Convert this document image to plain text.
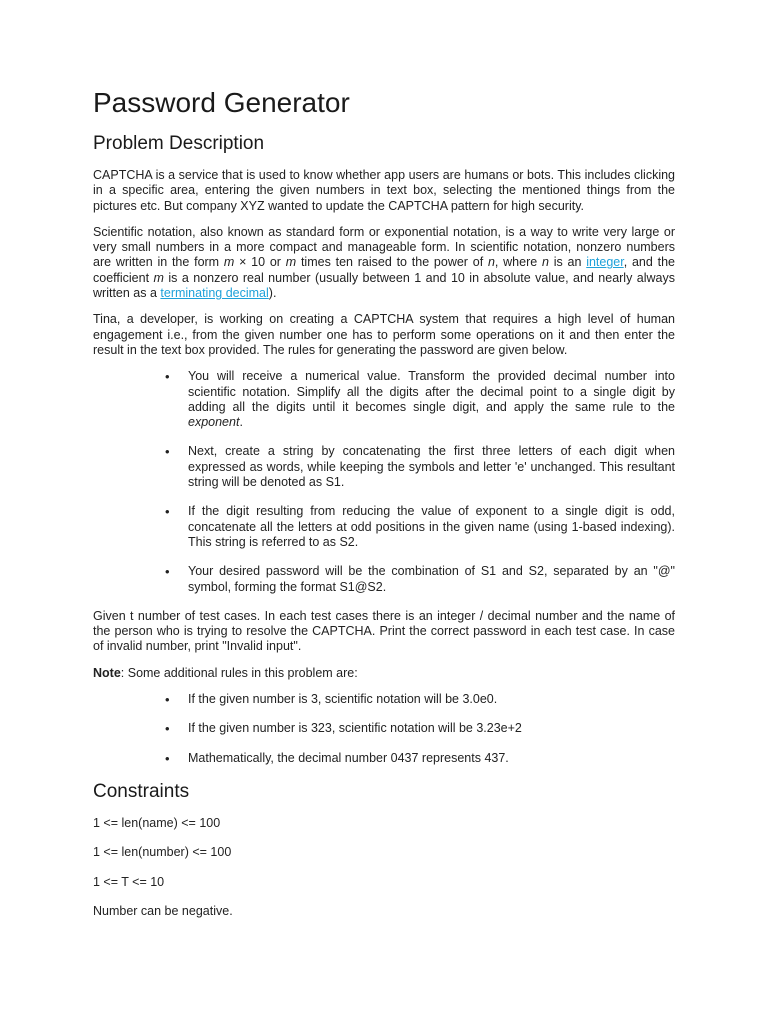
Password Generator
Problem Description

CAPTCHA is a service that is used to know whether app users are humans or bots. This includes clicking in a specific area, entering the given numbers in text box, selecting the mentioned things from the pictures etc. But company XYZ wanted to update the CAPTCHA pattern for high security.

Scientific notation, also known as standard form or exponential notation, is a way to write very large or very small numbers in a more compact and manageable form. In scientific notation, nonzero numbers are written in the form m × 10 or m times ten raised to the power of n, where n is an integer, and the coefficient m is a nonzero real number (usually between 1 and 10 in absolute value, and nearly always written as a terminating decimal).

Tina, a developer, is working on creating a CAPTCHA system that requires a high level of human engagement i.e., from the given number one has to perform some operations on it and then enter the result in the text box provided. The rules for generating the password are given below.

• You will receive a numerical value. Transform the provided decimal number into scientific notation. Simplify all the digits after the decimal point to a single digit by adding all the digits until it becomes single digit, and apply the same rule to the exponent.
• Next, create a string by concatenating the first three letters of each digit when expressed as words, while keeping the symbols and letter 'e' unchanged. This resultant string will be denoted as S1.
• If the digit resulting from reducing the value of exponent to a single digit is odd, concatenate all the letters at odd positions in the given name (using 1-based indexing). This string is referred to as S2.
• Your desired password will be the combination of S1 and S2, separated by an "@" symbol, forming the format S1@S2.

Given t number of test cases. In each test cases there is an integer / decimal number and the name of the person who is trying to resolve the CAPTCHA. Print the correct password in each test case. In case of invalid number, print "Invalid input".

Note: Some additional rules in this problem are:

• If the given number is 3, scientific notation will be 3.0e0.
• If the given number is 323, scientific notation will be 3.23e+2
• Mathematically, the decimal number 0437 represents 437.
Constraints

1 <= len(name) <= 100

1 <= len(number) <= 100

1 <= T <= 10

Number can be negative.
